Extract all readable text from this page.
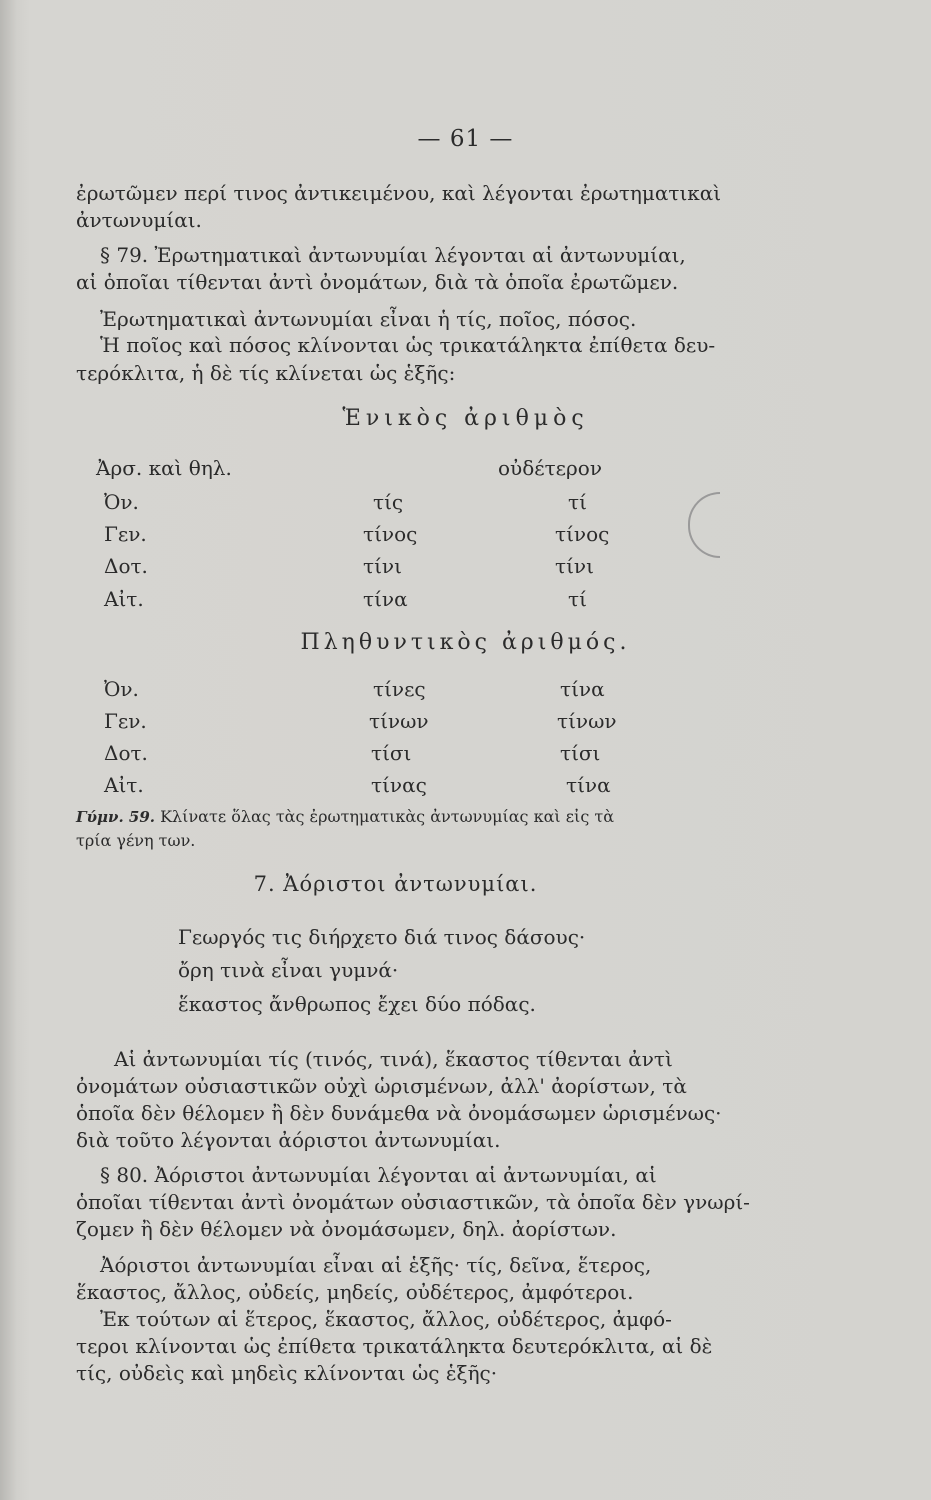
— 61 —
ἐρωτῶμεν περί τινος ἀντικειμένου, καὶ λέγονται ἐρωτηματικαὶ
ἀντωνυμίαι.
§ 79. Ἐρωτηματικαὶ ἀντωνυμίαι λέγονται αἱ ἀντωνυμίαι,
αἱ ὁποῖαι τίθενται ἀντὶ ὀνομάτων, διὰ τὰ ὁποῖα ἐρωτῶμεν.
Ἐρωτηματικαὶ ἀντωνυμίαι εἶναι ἡ τίς, ποῖος, πόσος.
Ἡ ποῖος καὶ πόσος κλίνονται ὡς τρικατάληκτα ἐπίθετα δευ-
τερόκλιτα, ἡ δὲ τίς κλίνεται ὡς ἑξῆς:
Ἑνικὸς ἀριθμὸς
Ἀρσ. καὶ θηλ.	οὐδέτερον
Ὀν.	τίς	τί
Γεν.	τίνος	τίνος
Δοτ.	τίνι	τίνι
Αἰτ.	τίνα	τί
Πληθυντικὸς ἀριθμός.
Ὀν.	τίνες	τίνα
Γεν.	τίνων	τίνων
Δοτ.	τίσι	τίσι
Αἰτ.	τίνας	τίνα
Γύμν. 59. Κλίνατε ὅλας τὰς ἐρωτηματικὰς ἀντωνυμίας καὶ εἰς τὰ
τρία γένη των.
7. Ἀόριστοι ἀντωνυμίαι.
Γεωργός τις διήρχετο διά τινος δάσους·
ὄρη τινὰ εἶναι γυμνά·
ἕκαστος ἄνθρωπος ἔχει δύο πόδας.
Αἱ ἀντωνυμίαι τίς (τινός, τινά), ἕκαστος τίθενται ἀντὶ
ὀνομάτων οὐσιαστικῶν οὐχὶ ὡρισμένων, ἀλλ' ἀορίστων, τὰ
ὁποῖα δὲν θέλομεν ἢ δὲν δυνάμεθα νὰ ὀνομάσωμεν ὡρισμένως·
διὰ τοῦτο λέγονται ἀόριστοι ἀντωνυμίαι.
§ 80. Ἀόριστοι ἀντωνυμίαι λέγονται αἱ ἀντωνυμίαι, αἱ
ὁποῖαι τίθενται ἀντὶ ὀνομάτων οὐσιαστικῶν, τὰ ὁποῖα δὲν γνωρί-
ζομεν ἢ δὲν θέλομεν νὰ ὀνομάσωμεν, δηλ. ἀορίστων.
Ἀόριστοι ἀντωνυμίαι εἶναι αἱ ἑξῆς· τίς, δεῖνα, ἕτερος,
ἕκαστος, ἄλλος, οὐδείς, μηδείς, οὐδέτερος, ἀμφότεροι.
Ἐκ τούτων αἱ ἕτερος, ἕκαστος, ἄλλος, οὐδέτερος, ἀμφό-
τεροι κλίνονται ὡς ἐπίθετα τρικατάληκτα δευτερόκλιτα, αἱ δὲ
τίς, οὐδεὶς καὶ μηδεὶς κλίνονται ὡς ἑξῆς·
